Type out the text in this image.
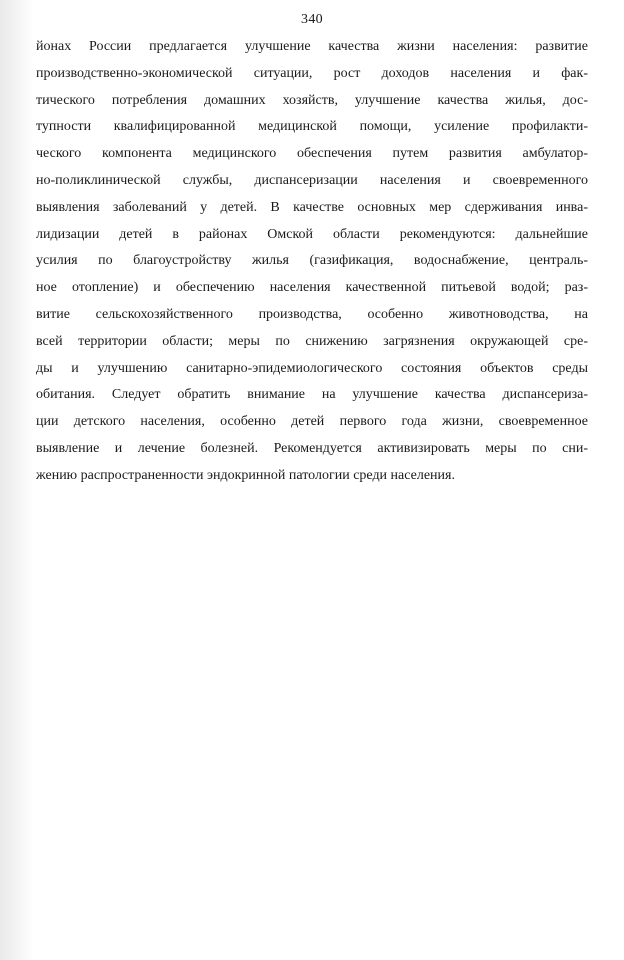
340
йонах России предлагается улучшение качества жизни населения: развитие
производственно-экономической ситуации, рост доходов населения и фак-
тического потребления домашних хозяйств, улучшение качества жилья, дос-
тупности квалифицированной медицинской помощи, усиление профилакти-
ческого компонента медицинского обеспечения путем развития амбулатор-
но-поликлинической службы, диспансеризации населения и своевременного
выявления заболеваний у детей. В качестве основных мер сдерживания инва-
лидизации детей в районах Омской области рекомендуются: дальнейшие
усилия по благоустройству жилья (газификация, водоснабжение, централь-
ное отопление) и обеспечению населения качественной питьевой водой; раз-
витие сельскохозяйственного производства, особенно животноводства, на
всей территории области; меры по снижению загрязнения окружающей сре-
ды и улучшению санитарно-эпидемиологического состояния объектов среды
обитания. Следует обратить внимание на улучшение качества диспансериза-
ции детского населения, особенно детей первого года жизни, своевременное
выявление и лечение болезней. Рекомендуется активизировать меры по сни-
жению распространенности эндокринной патологии среди населения.
